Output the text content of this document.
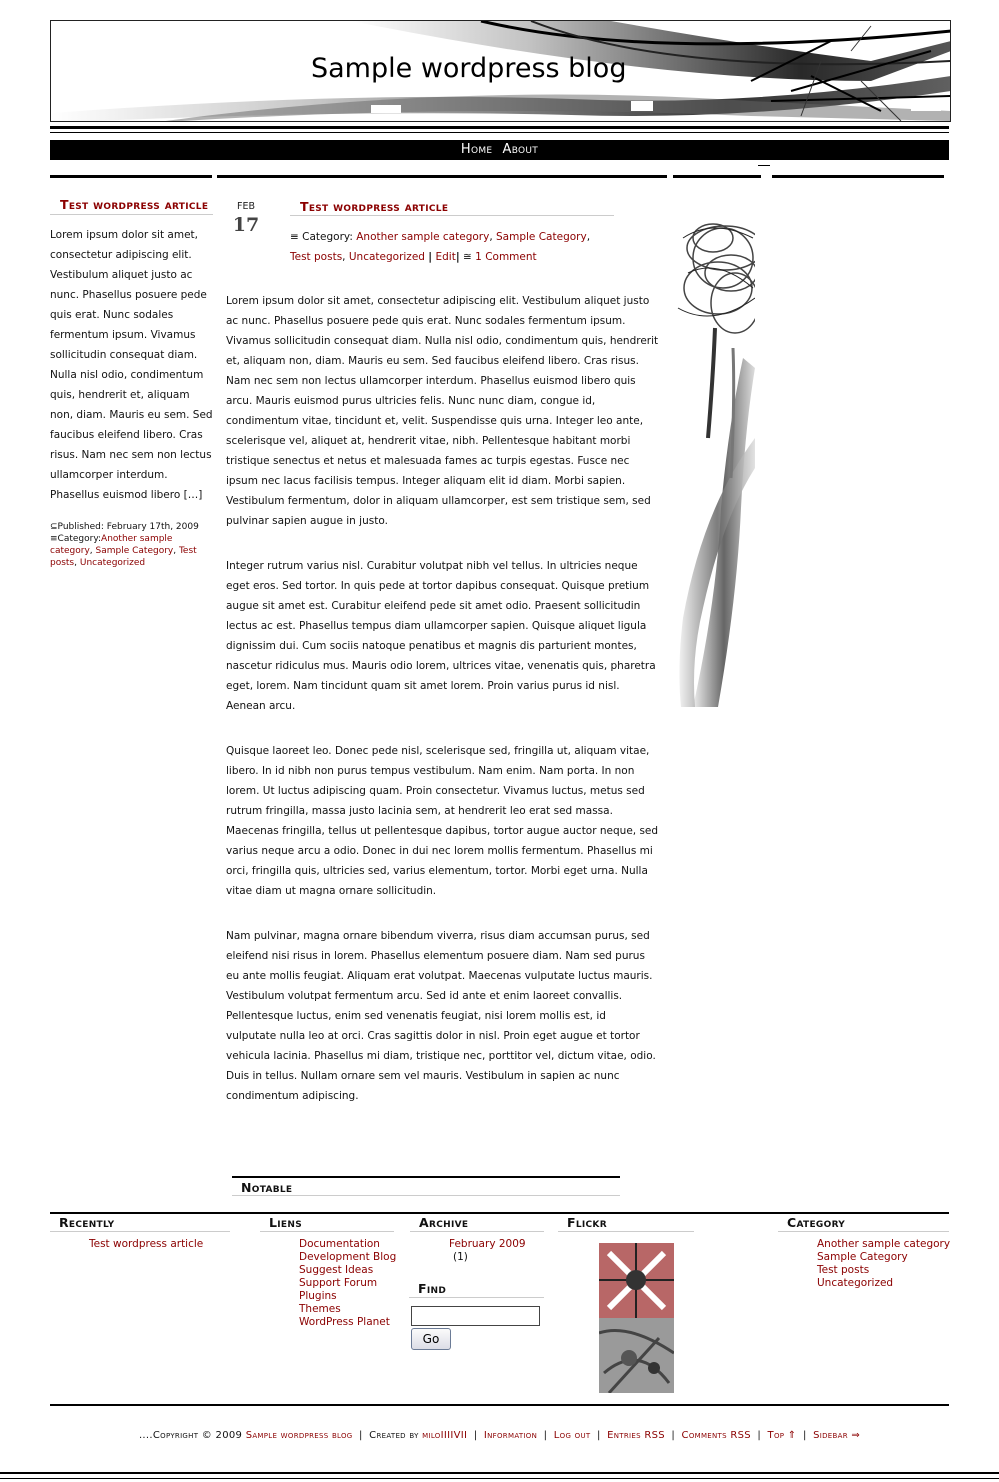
Sample wordpress blog
Home About
Test wordpress article
Lorem ipsum dolor sit amet, consectetur adipiscing elit. Vestibulum aliquet justo ac nunc. Phasellus posuere pede quis erat. Nunc sodales fermentum ipsum. Vivamus sollicitudin consequat diam. Nulla nisl odio, condimentum quis, hendrerit et, aliquam non, diam. Mauris eu sem. Sed faucibus eleifend libero. Cras risus. Nam nec sem non lectus ullamcorper interdum. Phasellus euismod libero […]
⊆Published: February 17th, 2009
≡Category:Another sample category, Sample Category, Test posts, Uncategorized
FEB
17
Test wordpress article
≡ Category: Another sample category, Sample Category, Test posts, Uncategorized | Edit| ≅ 1 Comment

Lorem ipsum dolor sit amet, consectetur adipiscing elit. Vestibulum aliquet justo ac nunc. Phasellus posuere pede quis erat. Nunc sodales fermentum ipsum. Vivamus sollicitudin consequat diam. Nulla nisl odio, condimentum quis, hendrerit et, aliquam non, diam. Mauris eu sem. Sed faucibus eleifend libero. Cras risus. Nam nec sem non lectus ullamcorper interdum. Phasellus euismod libero quis arcu. Mauris euismod purus ultricies felis. Nunc nunc diam, congue id, condimentum vitae, tincidunt et, velit. Suspendisse quis urna. Integer leo ante, scelerisque vel, aliquet at, hendrerit vitae, nibh. Pellentesque habitant morbi tristique senectus et netus et malesuada fames ac turpis egestas. Fusce nec ipsum nec lacus facilisis tempus. Integer aliquam elit id diam. Morbi sapien. Vestibulum fermentum, dolor in aliquam ullamcorper, est sem tristique sem, sed pulvinar sapien augue in justo.

Integer rutrum varius nisl. Curabitur volutpat nibh vel tellus. In ultricies neque eget eros. Sed tortor. In quis pede at tortor dapibus consequat. Quisque pretium augue sit amet est. Curabitur eleifend pede sit amet odio. Praesent sollicitudin lectus ac est. Phasellus tempus diam ullamcorper sapien. Quisque aliquet ligula dignissim dui. Cum sociis natoque penatibus et magnis dis parturient montes, nascetur ridiculus mus. Mauris odio lorem, ultrices vitae, venenatis quis, pharetra eget, lorem. Nam tincidunt quam sit amet lorem. Proin varius purus id nisl. Aenean arcu.

Quisque laoreet leo. Donec pede nisl, scelerisque sed, fringilla ut, aliquam vitae, libero. In id nibh non purus tempus vestibulum. Nam enim. Nam porta. In non lorem. Ut luctus adipiscing quam. Proin consectetur. Vivamus luctus, metus sed rutrum fringilla, massa justo lacinia sem, at hendrerit leo erat sed massa. Maecenas fringilla, tellus ut pellentesque dapibus, tortor augue auctor neque, sed varius neque arcu a odio. Donec in dui nec lorem mollis fermentum. Phasellus mi orci, fringilla quis, ultricies sed, varius elementum, tortor. Morbi eget urna. Nulla vitae diam ut magna ornare sollicitudin.

Nam pulvinar, magna ornare bibendum viverra, risus diam accumsan purus, sed eleifend nisi risus in lorem. Phasellus elementum posuere diam. Nam sed purus eu ante mollis feugiat. Aliquam erat volutpat. Maecenas vulputate luctus mauris. Vestibulum volutpat fermentum arcu. Sed id ante et enim laoreet convallis. Pellentesque luctus, enim sed venenatis feugiat, nisi lorem mollis est, id vulputate nulla leo at orci. Cras sagittis dolor in nisl. Proin eget augue et tortor vehicula lacinia. Phasellus mi diam, tristique nec, porttitor vel, dictum vitae, odio. Duis in tellus. Nullam ornare sem vel mauris. Vestibulum in sapien ac nunc condimentum adipiscing.

Notable
Recently
Test wordpress article
Liens
Documentation
Development Blog
Suggest Ideas
Support Forum
Plugins
Themes
WordPress Planet
Archive
February 2009
(1)
Find
Go
Flickr	Category
Another sample category
Sample Category
Test posts
Uncategorized
....Copyright © 2009 Sample wordpress blog | Created by miloIIIIVII | Information | Log out | Entries RSS | Comments RSS | Top ⇑ | Sidebar ⇒
